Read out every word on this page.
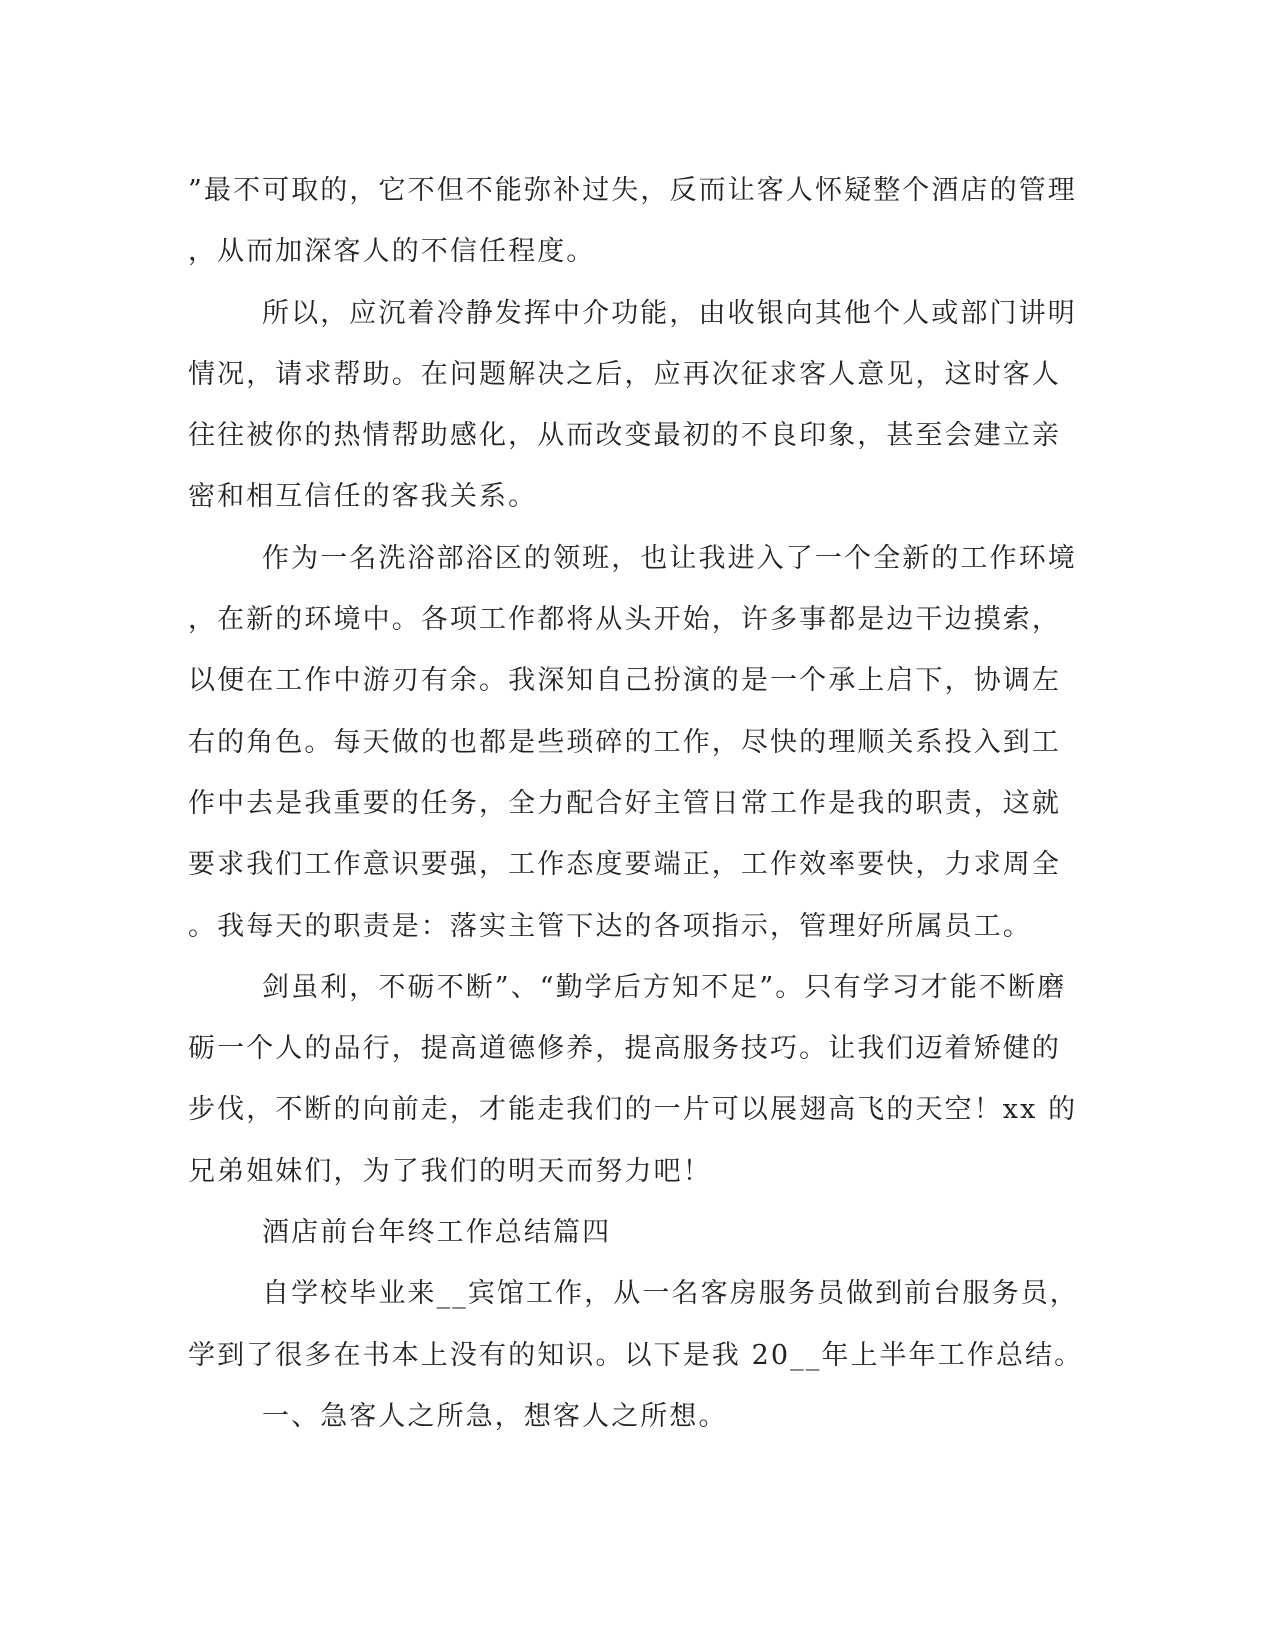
”最不可取的，它不但不能弥补过失，反而让客人怀疑整个酒店的管理
，从而加深客人的不信任程度。
所以，应沉着冷静发挥中介功能，由收银向其他个人或部门讲明
情况，请求帮助。在问题解决之后，应再次征求客人意见，这时客人
往往被你的热情帮助感化，从而改变最初的不良印象，甚至会建立亲
密和相互信任的客我关系。
作为一名洗浴部浴区的领班，也让我进入了一个全新的工作环境
，在新的环境中。各项工作都将从头开始，许多事都是边干边摸索，
以便在工作中游刃有余。我深知自己扮演的是一个承上启下，协调左
右的角色。每天做的也都是些琐碎的工作，尽快的理顺关系投入到工
作中去是我重要的任务，全力配合好主管日常工作是我的职责，这就
要求我们工作意识要强，工作态度要端正，工作效率要快，力求周全
。我每天的职责是：落实主管下达的各项指示，管理好所属员工。
剑虽利，不砺不断”、“勤学后方知不足”。只有学习才能不断磨
砺一个人的品行，提高道德修养，提高服务技巧。让我们迈着矫健的
步伐，不断的向前走，才能走我们的一片可以展翅高飞的天空！xx 的
兄弟姐妹们，为了我们的明天而努力吧！
酒店前台年终工作总结篇四
自学校毕业来__宾馆工作，从一名客房服务员做到前台服务员，
学到了很多在书本上没有的知识。以下是我 20__年上半年工作总结。
一、急客人之所急，想客人之所想。
